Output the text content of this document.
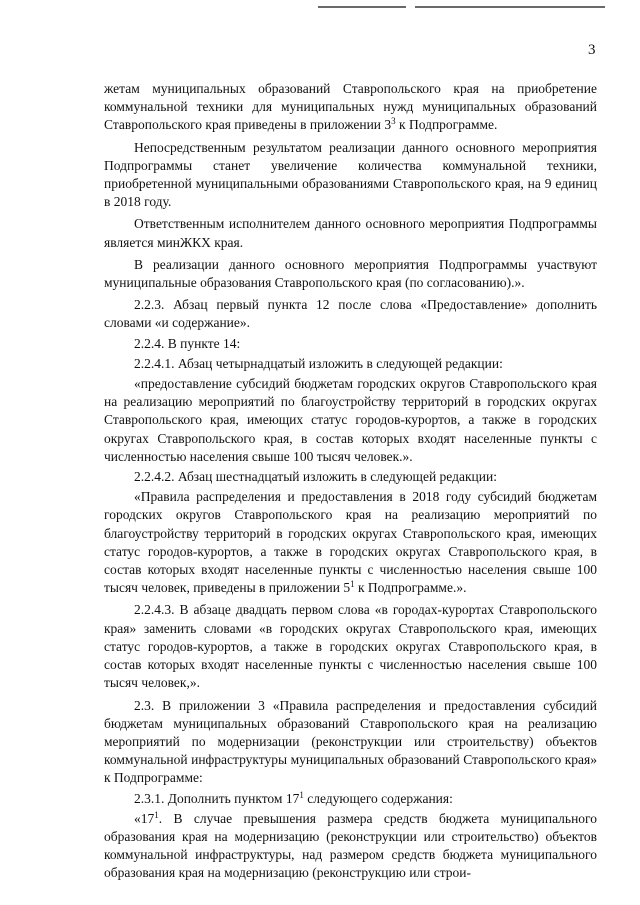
3

жетам муниципальных образований Ставропольского края на приобретение коммунальной техники для муниципальных нужд муниципальных образований Ставропольского края приведены в приложении $3^3$ к Подпрограмме.

Непосредственным результатом реализации данного основного мероприятия Подпрограммы станет увеличение количества коммунальной техники, приобретенной муниципальными образованиями Ставропольского края, на 9 единиц в 2018 году.

Ответственным исполнителем данного основного мероприятия Подпрограммы является минЖКХ края.

В реализации данного основного мероприятия Подпрограммы участвуют муниципальные образования Ставропольского края (по согласованию).».

2.2.3. Абзац первый пункта 12 после слова «Предоставление» дополнить словами «и содержание».

2.2.4. В пункте 14:

2.2.4.1. Абзац четырнадцатый изложить в следующей редакции:

«предоставление субсидий бюджетам городских округов Ставропольского края на реализацию мероприятий по благоустройству территорий в городских округах Ставропольского края, имеющих статус городов-курортов, а также в городских округах Ставропольского края, в состав которых входят населенные пункты с численностью населения свыше 100 тысяч человек.».

2.2.4.2. Абзац шестнадцатый изложить в следующей редакции:

«Правила распределения и предоставления в 2018 году субсидий бюджетам городских округов Ставропольского края на реализацию мероприятий по благоустройству территорий в городских округах Ставропольского края, имеющих статус городов-курортов, а также в городских округах Ставропольского края, в состав которых входят населенные пункты с численностью населения свыше 100 тысяч человек, приведены в приложении $5^1$ к Подпрограмме.».

2.2.4.3. В абзаце двадцать первом слова «в городах-курортах Ставропольского края» заменить словами «в городских округах Ставропольского края, имеющих статус городов-курортов, а также в городских округах Ставропольского края, в состав которых входят населенные пункты с численностью населения свыше 100 тысяч человек,».

2.3. В приложении 3 «Правила распределения и предоставления субсидий бюджетам муниципальных образований Ставропольского края на реализацию мероприятий по модернизации (реконструкции или строительству) объектов коммунальной инфраструктуры муниципальных образований Ставропольского края» к Подпрограмме:

2.3.1. Дополнить пунктом $17^1$ следующего содержания:

«$17^1$. В случае превышения размера средств бюджета муниципального образования края на модернизацию (реконструкции или строительство) объектов коммунальной инфраструктуры, над размером средств бюджета муниципального образования края на модернизацию (реконструкцию или строи-
